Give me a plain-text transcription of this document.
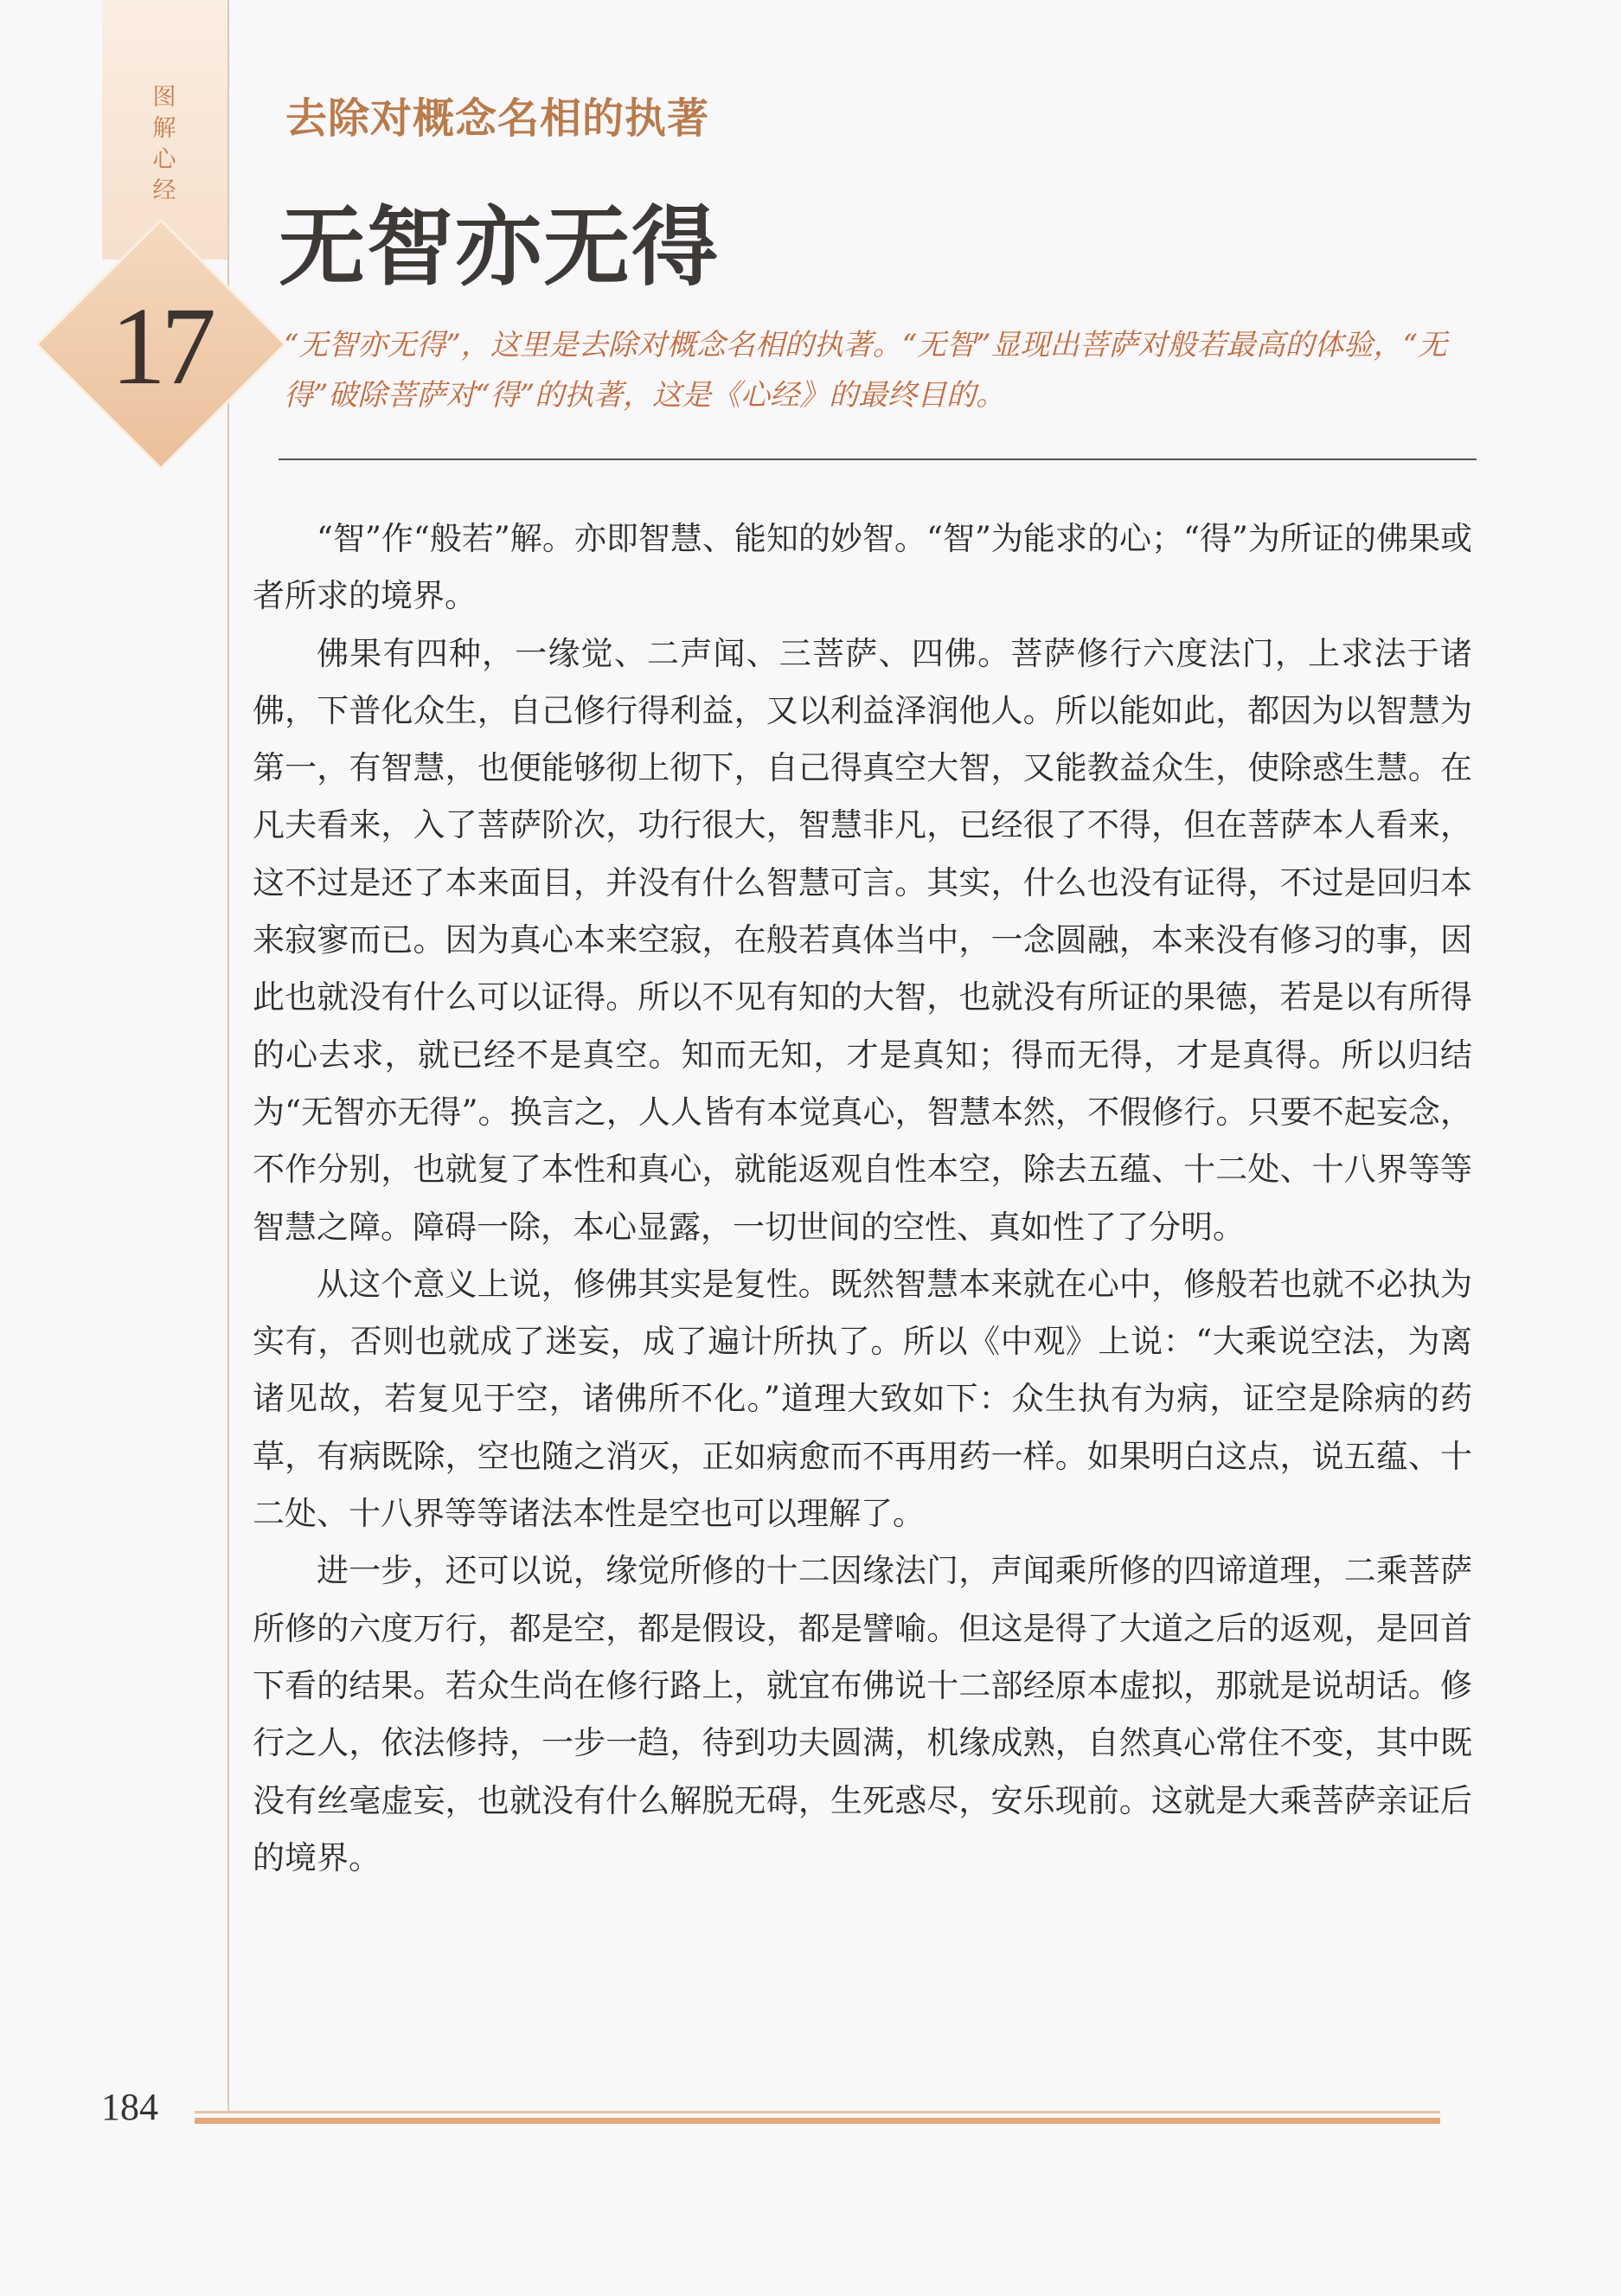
图解心经
17
去除对概念名相的执著
无智亦无得
“无智亦无得”，这里是去除对概念名相的执著。“无智”显现出菩萨对般若最高的体验，“无得”破除菩萨对“得”的执著，这是《心经》的最终目的。

“智”作“般若”解。亦即智慧、能知的妙智。“智”为能求的心；“得”为所证的佛果或者所求的境界。

佛果有四种，一缘觉、二声闻、三菩萨、四佛。菩萨修行六度法门，上求法于诸佛，下普化众生，自己修行得利益，又以利益泽润他人。所以能如此，都因为以智慧为第一，有智慧，也便能够彻上彻下，自己得真空大智，又能教益众生，使除惑生慧。在凡夫看来，入了菩萨阶次，功行很大，智慧非凡，已经很了不得，但在菩萨本人看来，这不过是还了本来面目，并没有什么智慧可言。其实，什么也没有证得，不过是回归本来寂寥而已。因为真心本来空寂，在般若真体当中，一念圆融，本来没有修习的事，因此也就没有什么可以证得。所以不见有知的大智，也就没有所证的果德，若是以有所得的心去求，就已经不是真空。知而无知，才是真知；得而无得，才是真得。所以归结为“无智亦无得”。换言之，人人皆有本觉真心，智慧本然，不假修行。只要不起妄念，不作分别，也就复了本性和真心，就能返观自性本空，除去五蕴、十二处、十八界等等智慧之障。障碍一除，本心显露，一切世间的空性、真如性了了分明。

从这个意义上说，修佛其实是复性。既然智慧本来就在心中，修般若也就不必执为实有，否则也就成了迷妄，成了遍计所执了。所以《中观》上说：“大乘说空法，为离诸见故，若复见于空，诸佛所不化。”道理大致如下：众生执有为病，证空是除病的药草，有病既除，空也随之消灭，正如病愈而不再用药一样。如果明白这点，说五蕴、十二处、十八界等等诸法本性是空也可以理解了。

进一步，还可以说，缘觉所修的十二因缘法门，声闻乘所修的四谛道理，二乘菩萨所修的六度万行，都是空，都是假设，都是譬喻。但这是得了大道之后的返观，是回首下看的结果。若众生尚在修行路上，就宜布佛说十二部经原本虚拟，那就是说胡话。修行之人，依法修持，一步一趋，待到功夫圆满，机缘成熟，自然真心常住不变，其中既没有丝毫虚妄，也就没有什么解脱无碍，生死惑尽，安乐现前。这就是大乘菩萨亲证后的境界。

184
